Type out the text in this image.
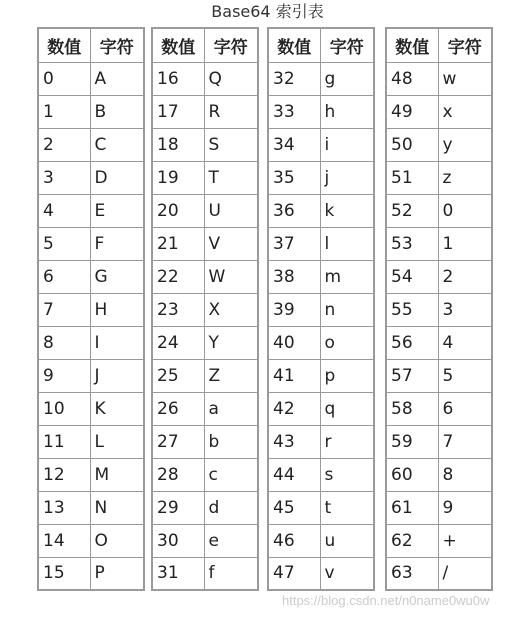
Base64 索引表
数值	字符
0	A
1	B
2	C
3	D
4	E
5	F
6	G
7	H
8	I
9	J
10	K
11	L
12	M
13	N
14	O
15	P
数值	字符
16	Q
17	R
18	S
19	T
20	U
21	V
22	W
23	X
24	Y
25	Z
26	a
27	b
28	c
29	d
30	e
31	f
数值	字符
32	g
33	h
34	i
35	j
36	k
37	l
38	m
39	n
40	o
41	p
42	q
43	r
44	s
45	t
46	u
47	v
数值	字符
48	w
49	x
50	y
51	z
52	0
53	1
54	2
55	3
56	4
57	5
58	6
59	7
60	8
61	9
62	+
63	/
https://blog.csdn.net/n0name0wu0w
